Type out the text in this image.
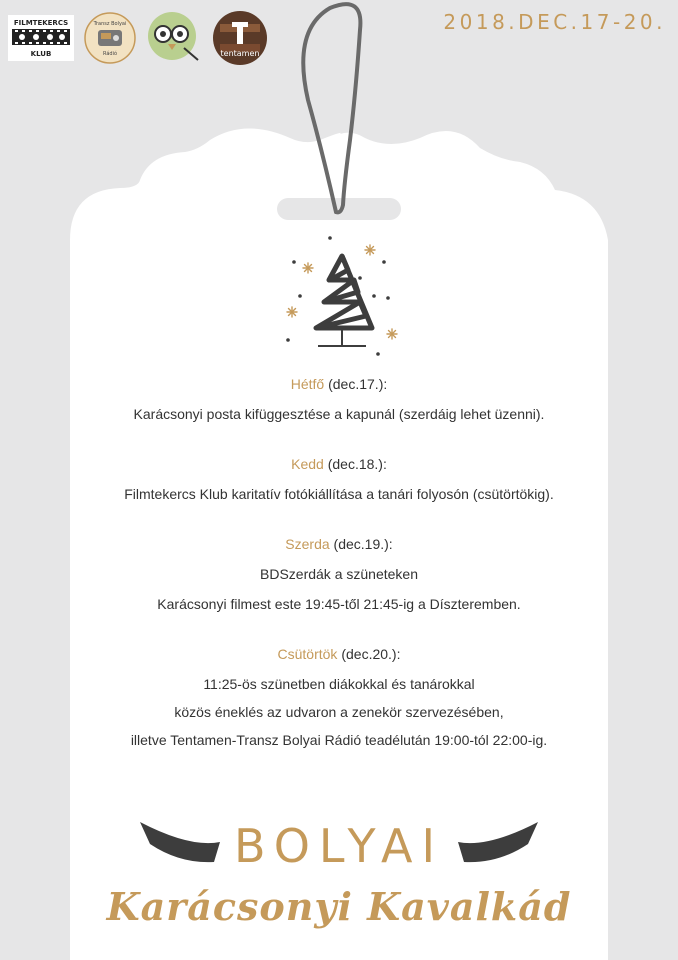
FILMTEKERCS
KLUB
Transz Bolyai
Rádió	tentamen
2018.DEC.17-20.
Hétfő (dec.17.):
Karácsonyi posta kifüggesztése a kapunál (szerdáig lehet üzenni).
Kedd (dec.18.):
Filmtekercs Klub karitatív fotókiállítása a tanári folyosón (csütörtökig).
Szerda (dec.19.):
BDSzerdák a szüneteken
Karácsonyi filmest este 19:45-től 21:45-ig a Díszteremben.
Csütörtök (dec.20.):
11:25-ös szünetben diákokkal és tanárokkal
közös éneklés az udvaron a zenekör szervezésében,
illetve Tentamen-Transz Bolyai Rádió teadélután 19:00-tól 22:00-ig.
BOLYAI
Karácsonyi Kavalkád
